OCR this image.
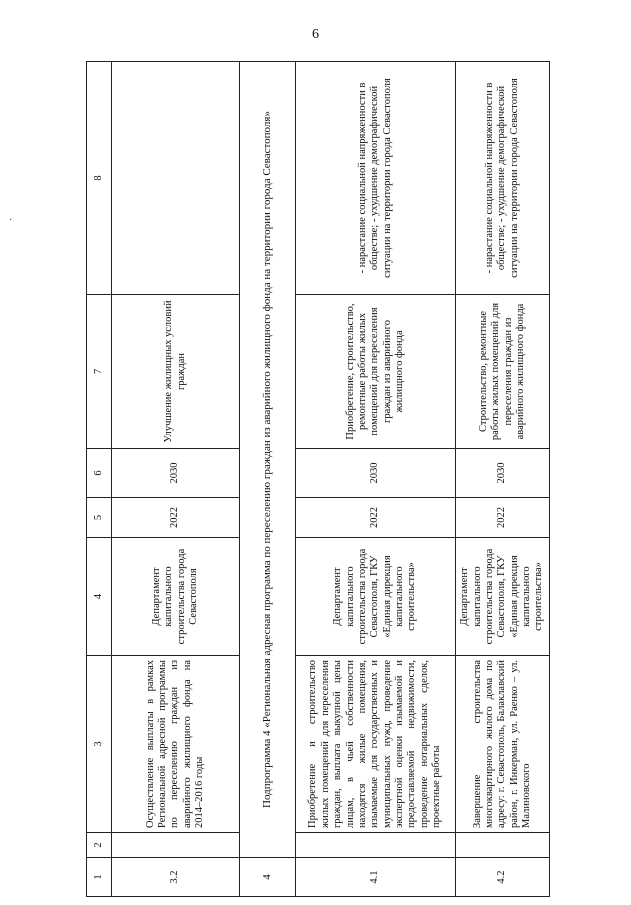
6
·
1	2	3	4	5	6	7	8
3.2		Осуществление выплаты в рамках Региональной адресной программы по переселению граждан из аварийного жилищного фонда на 2014–2016 годы	Департамент капитального строительства города Севастополя	2022	2030	Улучшение жилищных условий граждан	
4	Подпрограмма 4 «Региональная адресная программа по переселению граждан из аварийного жилищного фонда на территории города Севастополя»						
4.1		Приобретение и строительство жилых помещений для переселения граждан, выплата выкупной цены лицам, в чьей собственности находятся жилые помещения, изымаемые для государственных и муниципальных нужд, проведение экспертной оценки изымаемой и предоставляемой недвижимости, проведение нотариальных сделок, проектные работы	Департамент капитального строительства города Севастополя, ГКУ «Единая дирекция капитального строительства»	2022	2030	Приобретение, строительство, ремонтные работы жилых помещений для переселения граждан из аварийного жилищного фонда	- нарастание социальной напряженности в обществе; - ухудшение демографической ситуации на территории города Севастополя
4.2		Завершение строительства многоквартирного жилого дома по адресу: г. Севастополь, Балаклавский район, г. Инкерман, ул. Раенко – ул. Малиновского	Департамент капитального строительства города Севастополя, ГКУ «Единая дирекция капитального строительства»	2022	2030	Строительство, ремонтные работы жилых помещений для переселения граждан из аварийного жилищного фонда	- нарастание социальной напряженности в обществе; - ухудшение демографической ситуации на территории города Севастополя
